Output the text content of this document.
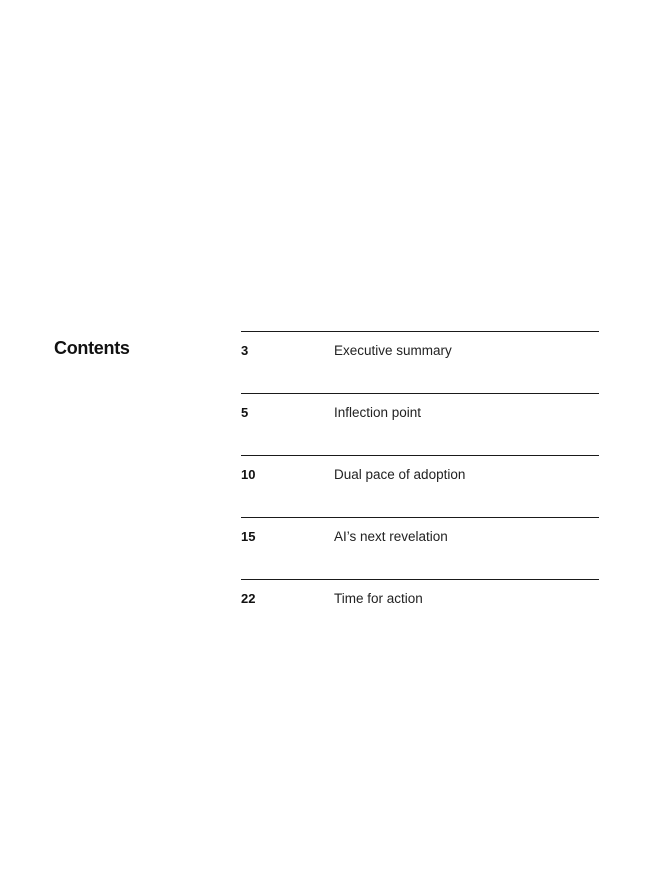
Contents	3	Executive summary
5	Inflection point
10	Dual pace of adoption
15	AI’s next revelation
22	Time for action
